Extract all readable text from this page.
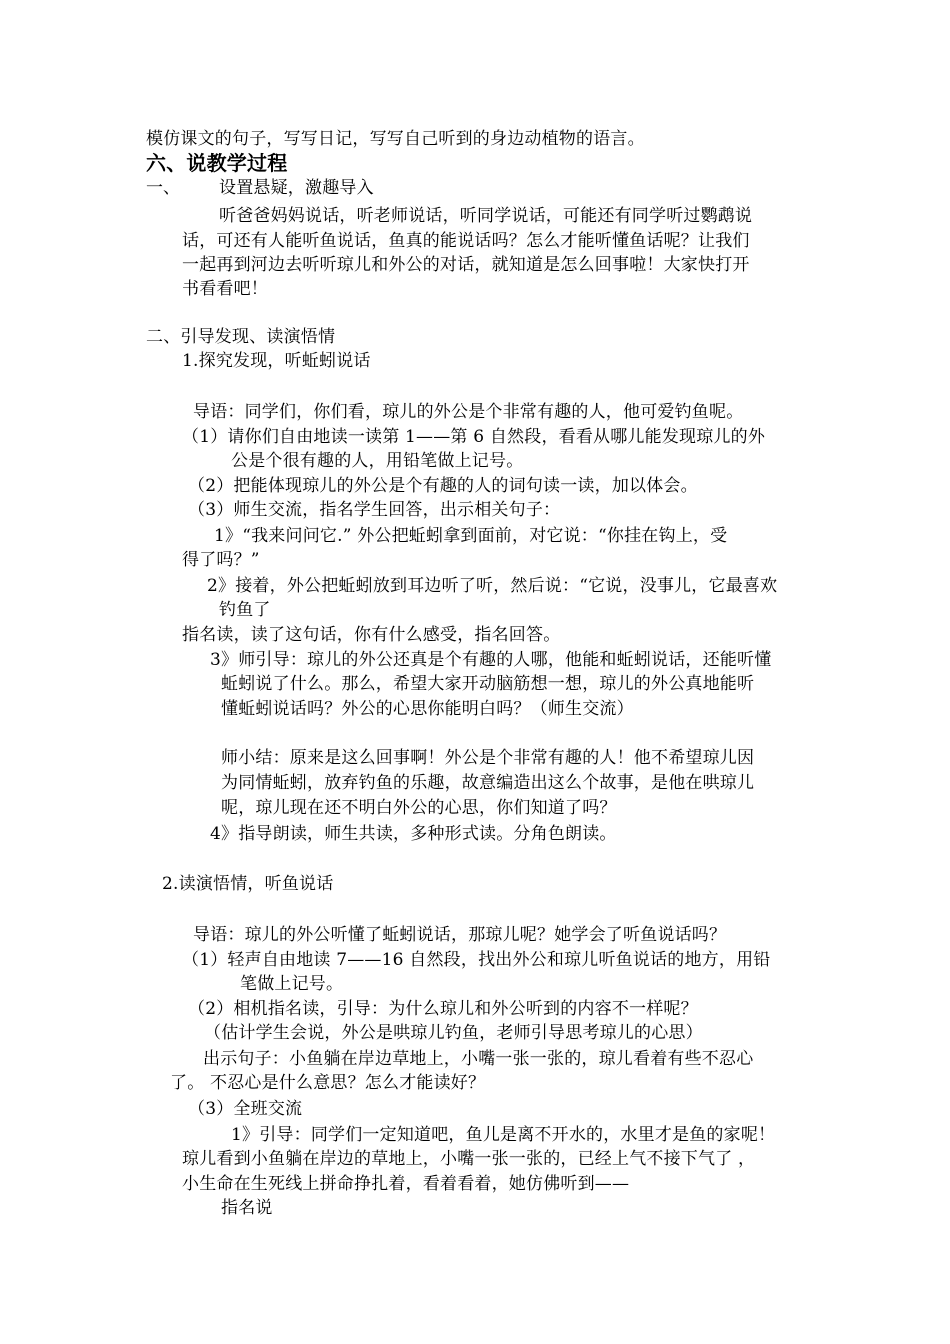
模仿课文的句子，写写日记，写写自己听到的身边动植物的语言。
六、说教学过程
一、 设置悬疑，激趣导入
听爸爸妈妈说话，听老师说话，听同学说话，可能还有同学听过鹦鹉说
话，可还有人能听鱼说话，鱼真的能说话吗？怎么才能听懂鱼话呢？让我们
一起再到河边去听听琼儿和外公的对话，就知道是怎么回事啦！大家快打开
书看看吧！
二、引导发现、读演悟情
1.探究发现，听蚯蚓说话
导语：同学们，你们看，琼儿的外公是个非常有趣的人，他可爱钓鱼呢。
（1）请你们自由地读一读第 1——第 6 自然段，看看从哪儿能发现琼儿的外
公是个很有趣的人，用铅笔做上记号。
（2）把能体现琼儿的外公是个有趣的人的词句读一读，加以体会。
（3）师生交流，指名学生回答，出示相关句子：
1》“我来问问它.” 外公把蚯蚓拿到面前，对它说：“你挂在钩上，受
得了吗？”
2》接着，外公把蚯蚓放到耳边听了听，然后说：“它说，没事儿，它最喜欢
钓鱼了
指名读，读了这句话，你有什么感受，指名回答。
3》师引导：琼儿的外公还真是个有趣的人哪，他能和蚯蚓说话，还能听懂
蚯蚓说了什么。那么，希望大家开动脑筋想一想，琼儿的外公真地能听
懂蚯蚓说话吗？外公的心思你能明白吗？（师生交流）
师小结：原来是这么回事啊！外公是个非常有趣的人！他不希望琼儿因
为同情蚯蚓，放弃钓鱼的乐趣，故意编造出这么个故事，是他在哄琼儿
呢，琼儿现在还不明白外公的心思，你们知道了吗？
4》指导朗读，师生共读，多种形式读。分角色朗读。
2.读演悟情，听鱼说话
导语：琼儿的外公听懂了蚯蚓说话，那琼儿呢？她学会了听鱼说话吗？
（1）轻声自由地读 7——16 自然段，找出外公和琼儿听鱼说话的地方，用铅
笔做上记号。
（2）相机指名读，引导：为什么琼儿和外公听到的内容不一样呢？
（估计学生会说，外公是哄琼儿钓鱼，老师引导思考琼儿的心思）
出示句子：小鱼躺在岸边草地上，小嘴一张一张的，琼儿看着有些不忍心
了。 不忍心是什么意思？怎么才能读好？
（3）全班交流
1》引导：同学们一定知道吧，鱼儿是离不开水的，水里才是鱼的家呢！
琼儿看到小鱼躺在岸边的草地上，小嘴一张一张的，已经上气不接下气了 ，
小生命在生死线上拼命挣扎着，看着看着，她仿佛听到——
指名说
